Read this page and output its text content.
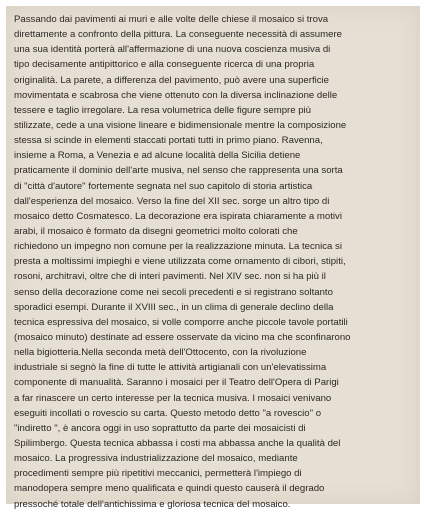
Passando dai pavimenti ai muri e alle volte delle chiese il mosaico si trova
direttamente a confronto della pittura. La conseguente necessità di assumere
una sua identità porterà all'affermazione di una nuova coscienza musiva di
tipo decisamente antipittorico e alla conseguente ricerca di una propria
originalità. La parete, a differenza del pavimento, può avere una superficie
movimentata e scabrosa che viene ottenuto con la diversa inclinazione delle
tessere e taglio irregolare. La resa volumetrica delle figure sempre più
stilizzate, cede a una visione lineare e bidimensionale mentre la composizione
stessa si scinde in elementi staccati portati tutti in primo piano. Ravenna,
insieme a Roma, a Venezia e ad alcune località della Sicilia detiene
praticamente il dominio dell'arte musiva, nel senso che rappresenta una sorta
di "città d'autore" fortemente segnata nel suo capitolo di storia artistica
dall'esperienza del mosaico. Verso la fine del XII sec. sorge un altro tipo di
mosaico detto Cosmatesco. La decorazione era ispirata chiaramente a motivi
arabi, il mosaico è formato da disegni geometrici molto colorati che
richiedono un impegno non comune per la realizzazione minuta. La tecnica si
presta a moltissimi impieghi e viene utilizzata come ornamento di cibori, stipiti,
rosoni, architravi, oltre che di interi pavimenti. Nel XIV sec. non si ha più il
senso della decorazione come nei secoli precedenti e si registrano soltanto
sporadici esempi. Durante il XVIII sec., in un clima di generale declino della
tecnica espressiva del mosaico, si volle comporre anche piccole tavole portatili
(mosaico minuto) destinate ad essere osservate da vicino ma che sconfinarono
nella bigiotteria.Nella seconda metà dell'Ottocento, con la rivoluzione
industriale si segnò la fine di tutte le attività artigianali con un'elevatissima
componente di manualità. Saranno i mosaici per il Teatro dell'Opera di Parigi
a far rinascere un certo interesse per la tecnica musiva. I mosaici venivano
eseguiti incollati o rovescio su carta. Questo metodo detto "a rovescio" o
"indiretto ", è ancora oggi in uso soprattutto da parte dei mosaicisti di
Spilimbergo. Questa tecnica abbassa i costi ma abbassa anche la qualità del
mosaico. La progressiva industrializzazione del mosaico, mediante
procedimenti sempre più ripetitivi meccanici, permetterà l'impiego di
manodopera sempre meno qualificata e quindi questo causerà il degrado
pressoché totale dell'antichissima e gloriosa tecnica del mosaico.
